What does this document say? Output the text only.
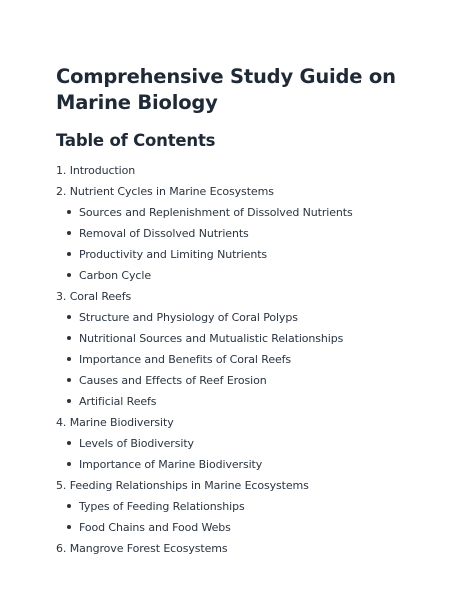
Comprehensive Study Guide on Marine Biology
Table of Contents
1. Introduction
2. Nutrient Cycles in Marine Ecosystems
Sources and Replenishment of Dissolved Nutrients
Removal of Dissolved Nutrients
Productivity and Limiting Nutrients
Carbon Cycle
3. Coral Reefs
Structure and Physiology of Coral Polyps
Nutritional Sources and Mutualistic Relationships
Importance and Benefits of Coral Reefs
Causes and Effects of Reef Erosion
Artificial Reefs
4. Marine Biodiversity
Levels of Biodiversity
Importance of Marine Biodiversity
5. Feeding Relationships in Marine Ecosystems
Types of Feeding Relationships
Food Chains and Food Webs
6. Mangrove Forest Ecosystems
